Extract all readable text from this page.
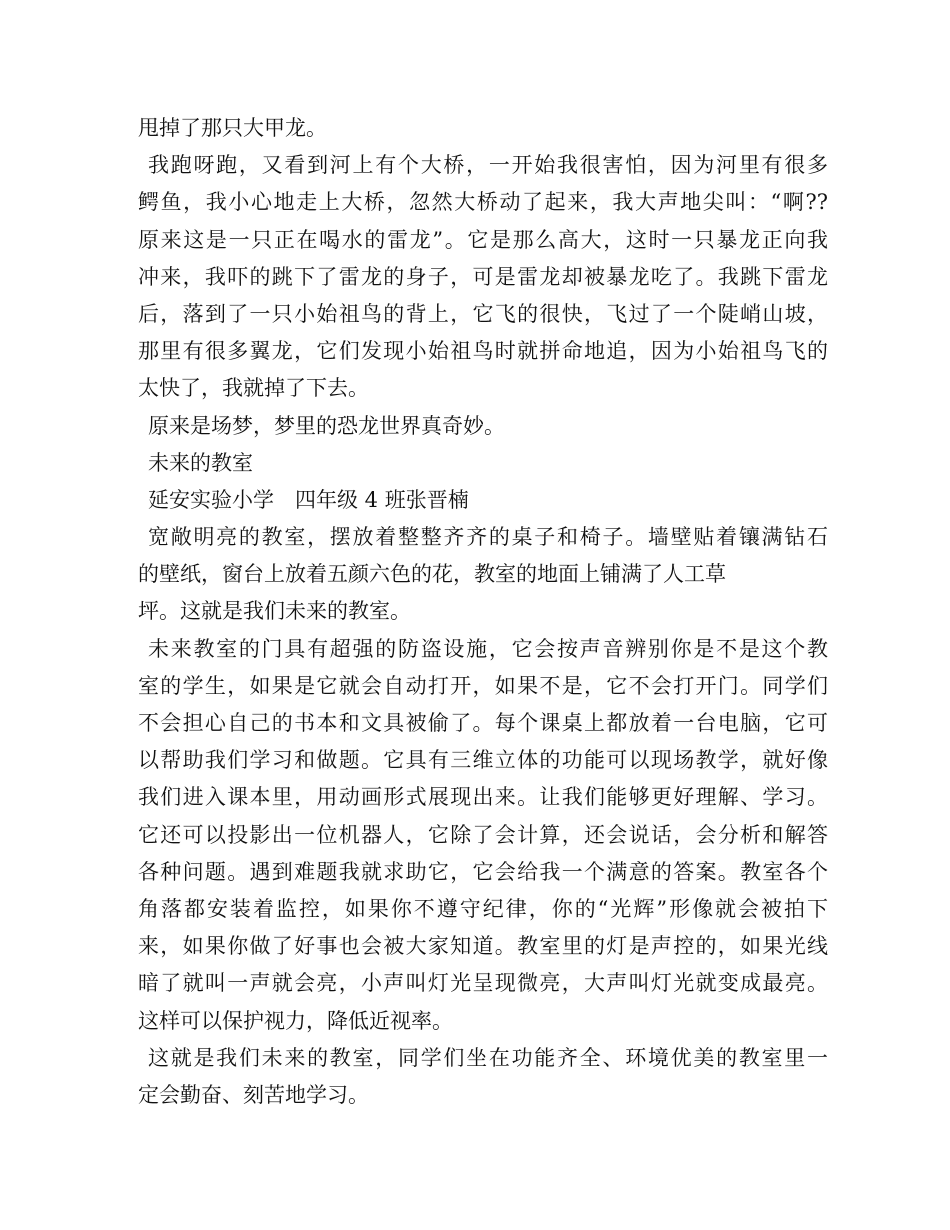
甩掉了那只大甲龙。
我跑呀跑，又看到河上有个大桥，一开始我很害怕，因为河里有很多
鳄鱼，我小心地走上大桥，忽然大桥动了起来，我大声地尖叫：“啊??
原来这是一只正在喝水的雷龙”。它是那么高大，这时一只暴龙正向我
冲来，我吓的跳下了雷龙的身子，可是雷龙却被暴龙吃了。我跳下雷龙
后，落到了一只小始祖鸟的背上，它飞的很快，飞过了一个陡峭山坡，
那里有很多翼龙，它们发现小始祖鸟时就拼命地追，因为小始祖鸟飞的
太快了，我就掉了下去。
原来是场梦，梦里的恐龙世界真奇妙。
未来的教室
延安实验小学　四年级 4 班张晋楠
宽敞明亮的教室，摆放着整整齐齐的桌子和椅子。墙壁贴着镶满钻石
的壁纸，窗台上放着五颜六色的花，教室的地面上铺满了人工草
坪。这就是我们未来的教室。
未来教室的门具有超强的防盗设施，它会按声音辨别你是不是这个教
室的学生，如果是它就会自动打开，如果不是，它不会打开门。同学们
不会担心自己的书本和文具被偷了。每个课桌上都放着一台电脑，它可
以帮助我们学习和做题。它具有三维立体的功能可以现场教学，就好像
我们进入课本里，用动画形式展现出来。让我们能够更好理解、学习。
它还可以投影出一位机器人，它除了会计算，还会说话，会分析和解答
各种问题。遇到难题我就求助它，它会给我一个满意的答案。教室各个
角落都安装着监控，如果你不遵守纪律，你的“光辉”形像就会被拍下
来，如果你做了好事也会被大家知道。教室里的灯是声控的，如果光线
暗了就叫一声就会亮，小声叫灯光呈现微亮，大声叫灯光就变成最亮。
这样可以保护视力，降低近视率。
这就是我们未来的教室，同学们坐在功能齐全、环境优美的教室里一
定会勤奋、刻苦地学习。
